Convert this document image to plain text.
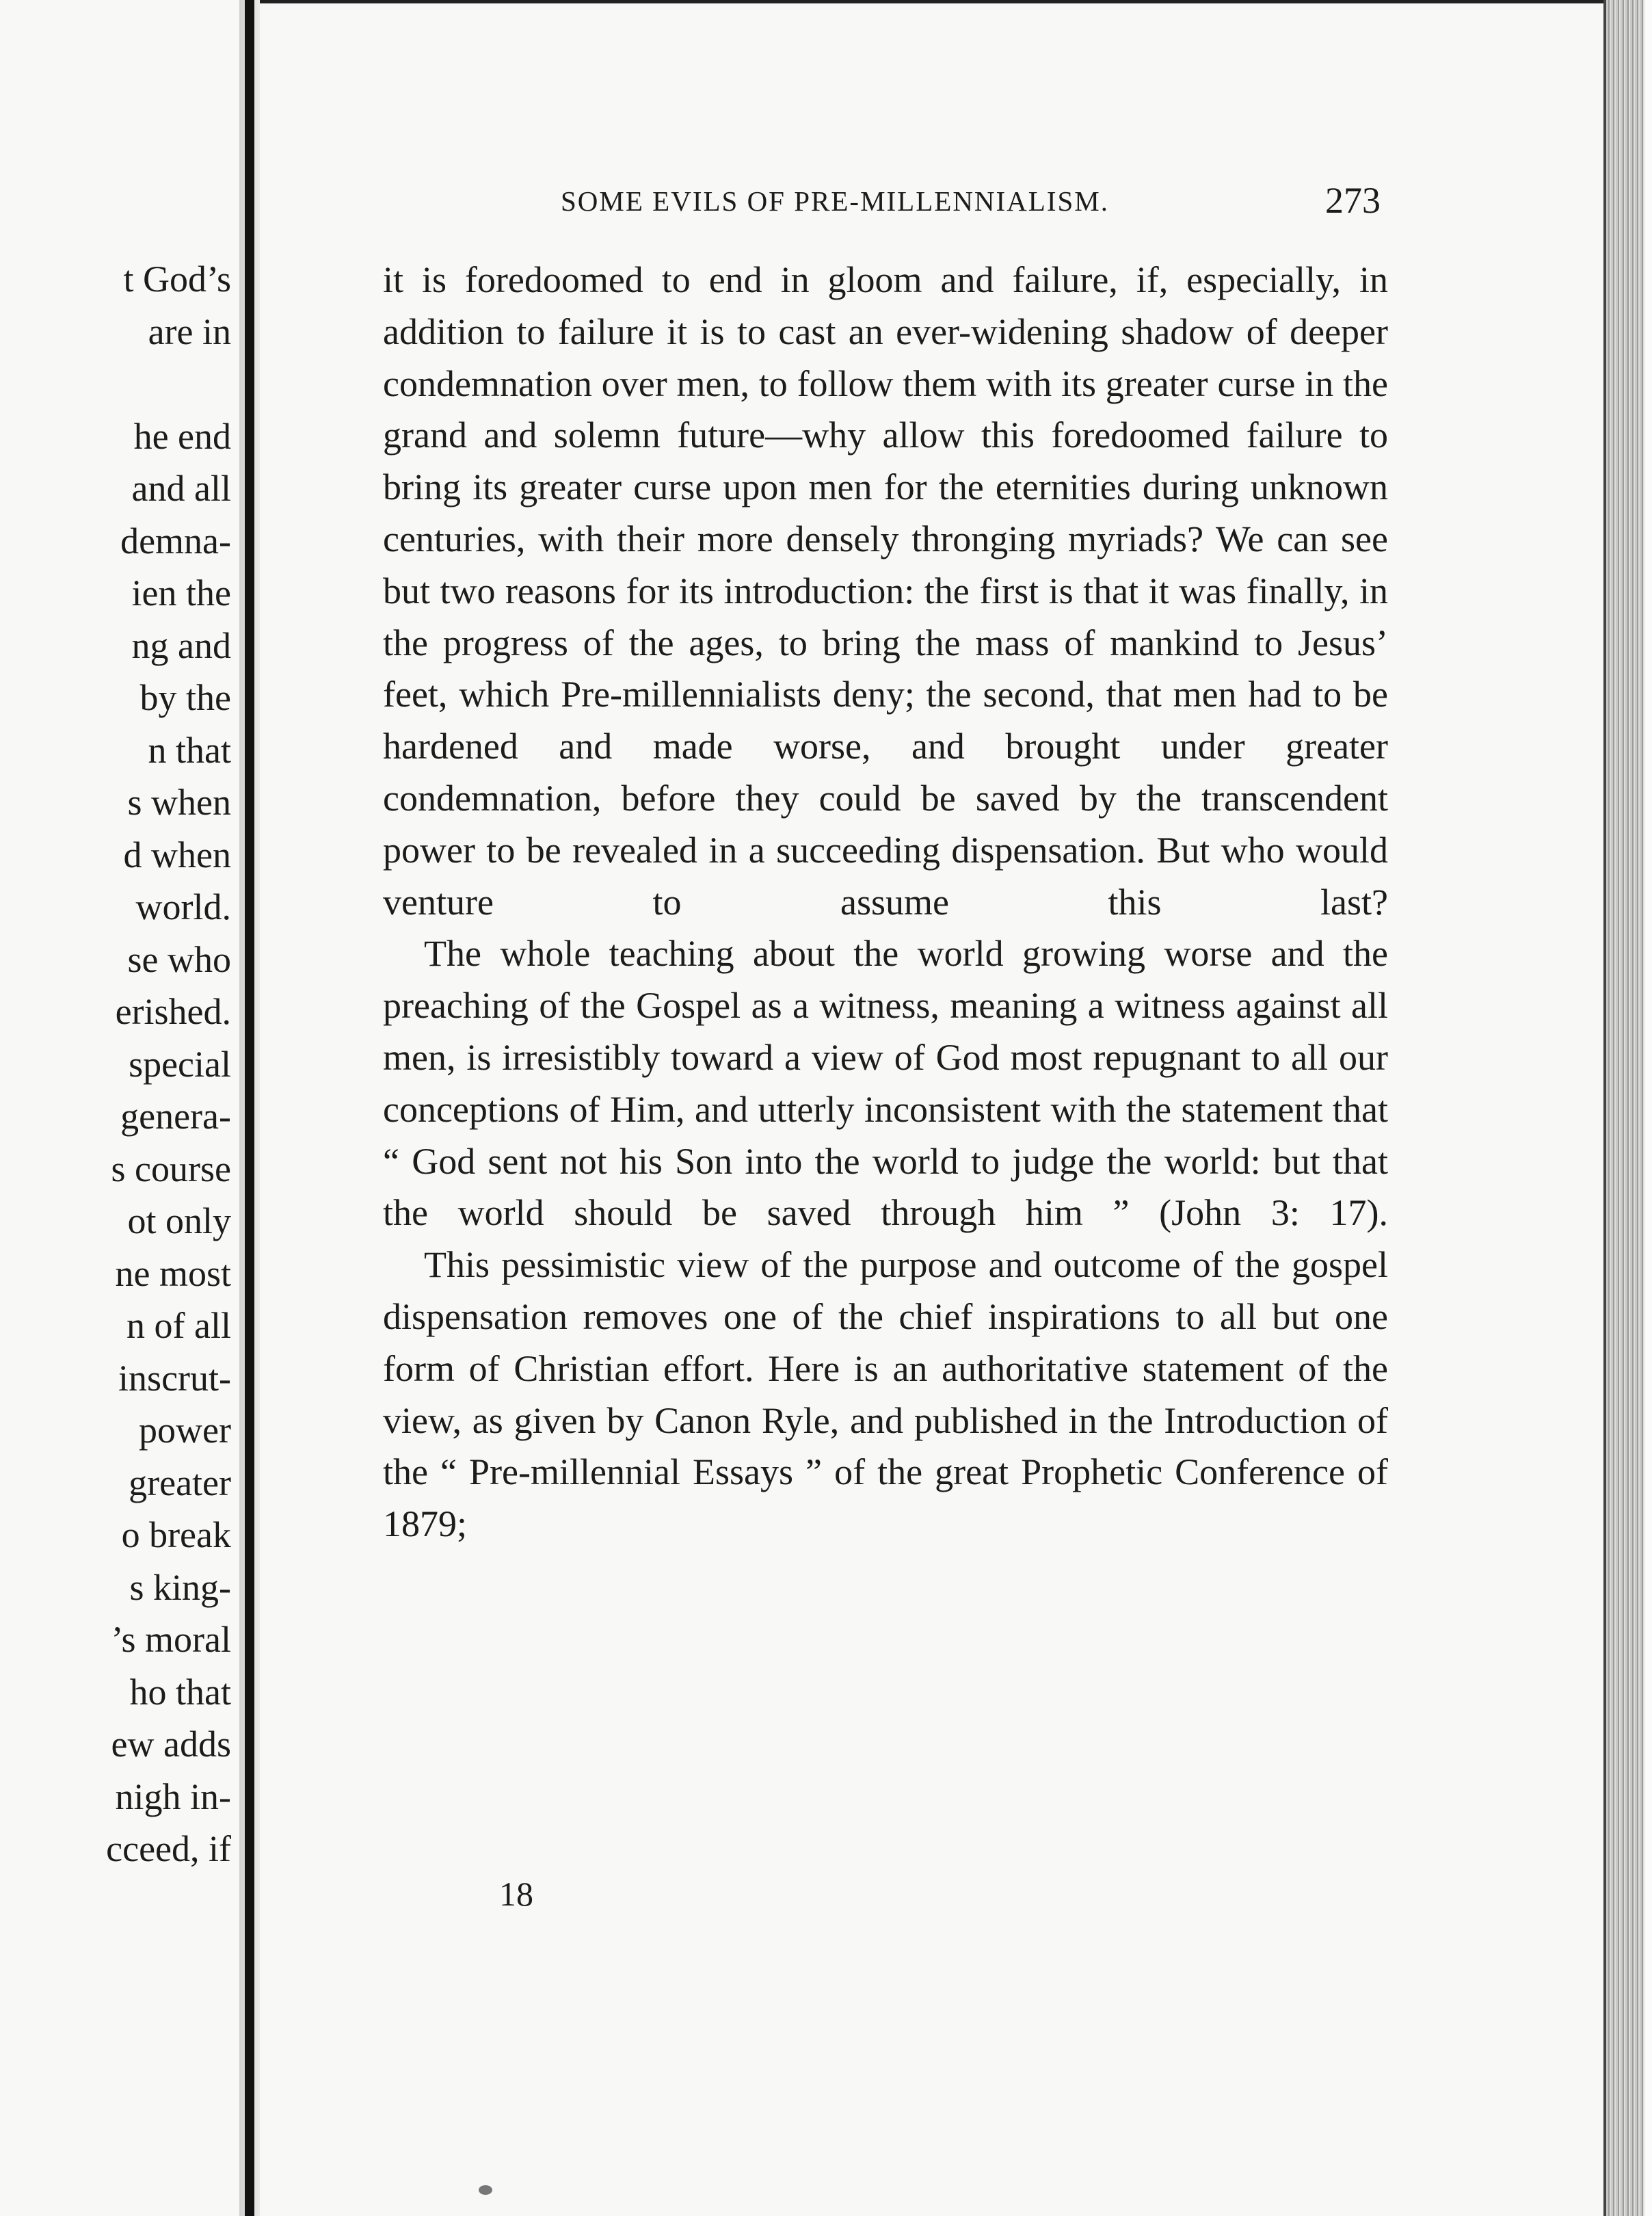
t God’s
are in

he end
and all
demna-
ien the
ng and
by the
n that
s when
d when
world.
se who
erished.
special
genera-
s course
ot only
ne most
n of all
inscrut-
power
greater
o break
s king-
’s moral
ho that
ew adds
nigh in-
cceed, if
SOME EVILS OF PRE-MILLENNIALISM.	273

it is foredoomed to end in gloom and failure, if, especially, in addition to failure it is to cast an ever-widening shadow of deeper condemnation over men, to follow them with its greater curse in the grand and solemn future—why allow this foredoomed failure to bring its greater curse upon men for the eternities during unknown centuries, with their more densely thronging myriads? We can see but two reasons for its introduction: the first is that it was finally, in the progress of the ages, to bring the mass of mankind to Jesus’ feet, which Pre-millennialists deny; the second, that men had to be hardened and made worse, and brought under greater condemnation, before they could be saved by the transcendent power to be revealed in a succeeding dispensation. But who would venture to assume this last?

The whole teaching about the world growing worse and the preaching of the Gospel as a witness, meaning a witness against all men, is irresistibly toward a view of God most repugnant to all our conceptions of Him, and utterly inconsistent with the statement that “ God sent not his Son into the world to judge the world: but that the world should be saved through him ” (John 3: 17).

This pessimistic view of the purpose and outcome of the gospel dispensation removes one of the chief inspirations to all but one form of Christian effort. Here is an authoritative statement of the view, as given by Canon Ryle, and published in the Introduction of the “ Pre-millennial Essays ” of the great Prophetic Conference of 1879;

18
